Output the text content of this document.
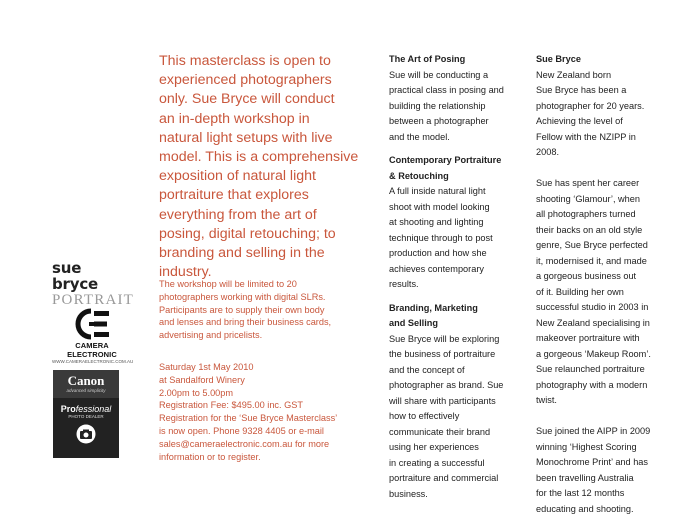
sue bryce
PORTRAIT
CAMERA ELECTRONIC
WWW.CAMERAELECTRONIC.COM.AU
Canon
advanced simplicity
Professional
PHOTO DEALER
This masterclass is open to
experienced photographers
only. Sue Bryce will conduct
an in-depth workshop in
natural light setups with live
model. This is a comprehensive
exposition of natural light
portraiture that explores
everything from the art of
posing, digital retouching; to
branding and selling in the
industry.
The workshop will be limited to 20
photographers working with digital SLRs.
Participants are to supply their own body
and lenses and bring their business cards,
advertising and pricelists.
Saturday 1st May 2010
at Sandalford Winery
2.00pm to 5.00pm
Registration Fee: $495.00 inc. GST
Registration for the ‘Sue Bryce Masterclass’
is now open. Phone 9328 4405 or e-mail
sales@cameraelectronic.com.au for more
information or to register.
The Art of Posing
Sue will be conducting a
practical class in posing and
building the relationship
between a photographer
and the model.
Contemporary Portraiture
& Retouching
A full inside natural light
shoot with model looking
at shooting and lighting
technique through to post
production and how she
achieves contemporary
results.
Branding, Marketing
and Selling
Sue Bryce will be exploring
the business of portraiture
and the concept of
photographer as brand. Sue
will share with participants
how to effectively
communicate their brand
using her experiences
in creating a successful
portraiture and commercial
business.
Sue Bryce
New Zealand born
Sue Bryce has been a
photographer for 20 years.
Achieving the level of
Fellow with the NZIPP in
2008.
Sue has spent her career
shooting ‘Glamour’, when
all photographers turned
their backs on an old style
genre, Sue Bryce perfected
it, modernised it, and made
a gorgeous business out
of it. Building her own
successful studio in 2003 in
New Zealand specialising in
makeover portraiture with
a gorgeous ‘Makeup Room’.
Sue relaunched portraiture
photography with a modern
twist.
Sue joined the AIPP in 2009
winning ‘Highest Scoring
Monochrome Print’ and has
been travelling Australia
for the last 12 months
educating and shooting.
